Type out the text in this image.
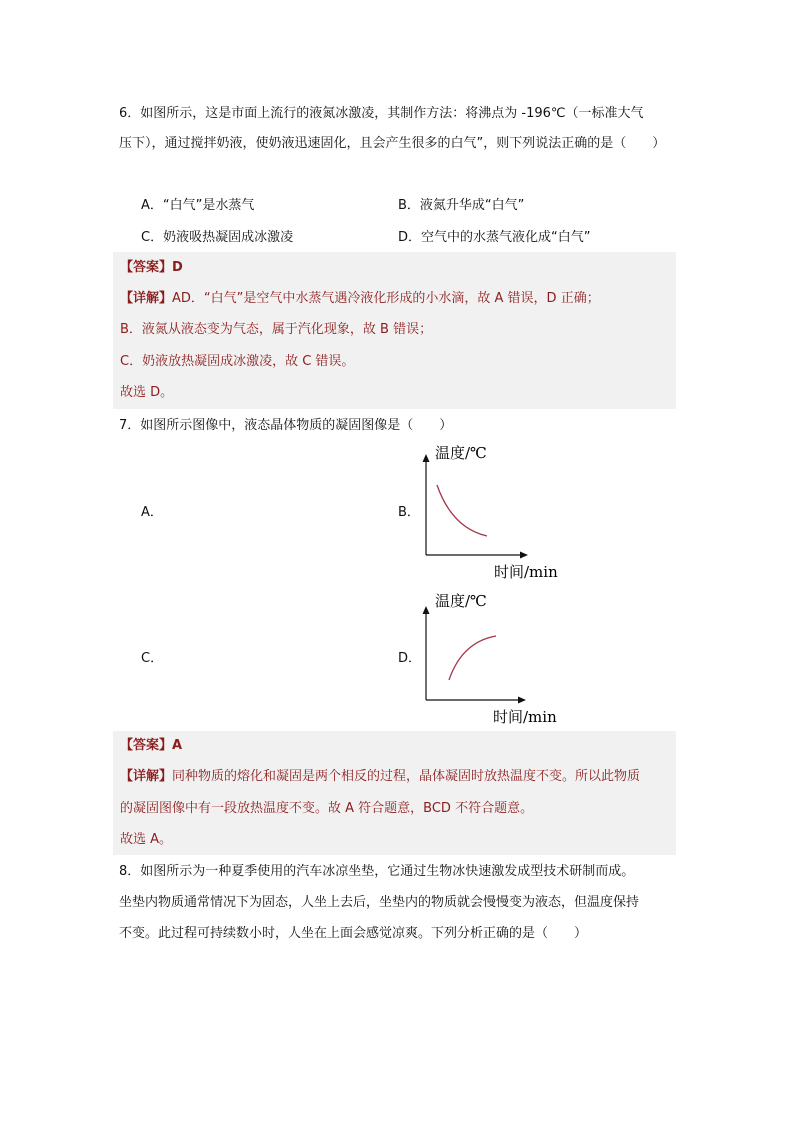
6．如图所示，这是市面上流行的液氮冰激凌，其制作方法：将沸点为 -196℃（一标准大气
压下），通过搅拌奶液，使奶液迅速固化，且会产生很多的白气”，则下列说法正确的是（　　）
A．“白气”是水蒸气	B．液氮升华成“白气”
C．奶液吸热凝固成冰激凌	D．空气中的水蒸气液化成“白气”
【答案】D
【详解】AD．“白气”是空气中水蒸气遇冷液化形成的小水滴，故 A 错误，D 正确；
B．液氮从液态变为气态，属于汽化现象，故 B 错误；
C．奶液放热凝固成冰激凌，故 C 错误。
故选 D。
7．如图所示图像中，液态晶体物质的凝固图像是（　　）
A．	B．
C．	D．
温度/℃
时间/min
温度/℃
时间/min
【答案】A
【详解】同种物质的熔化和凝固是两个相反的过程，晶体凝固时放热温度不变。所以此物质
的凝固图像中有一段放热温度不变。故 A 符合题意，BCD 不符合题意。
故选 A。
8．如图所示为一种夏季使用的汽车冰凉坐垫，它通过生物冰快速激发成型技术研制而成。
坐垫内物质通常情况下为固态，人坐上去后，坐垫内的物质就会慢慢变为液态，但温度保持
不变。此过程可持续数小时，人坐在上面会感觉凉爽。下列分析正确的是（　　）
